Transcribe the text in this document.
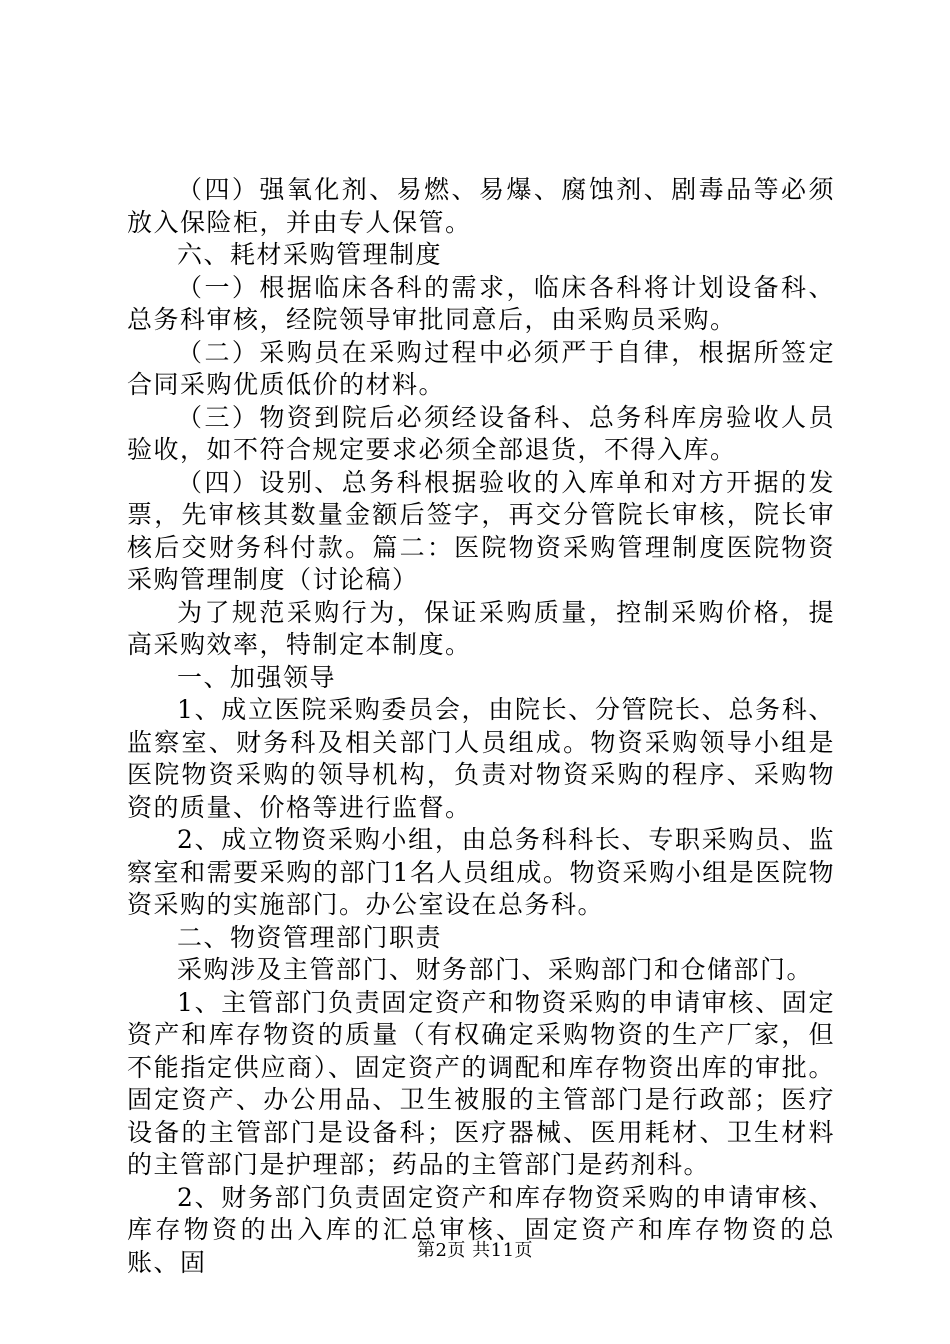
（四）强氧化剂、易燃、易爆、腐蚀剂、剧毒品等必须放入保险柜，并由专人保管。

六、耗材采购管理制度

（一）根据临床各科的需求，临床各科将计划设备科、总务科审核，经院领导审批同意后，由采购员采购。

（二）采购员在采购过程中必须严于自律，根据所签定合同采购优质低价的材料。

（三）物资到院后必须经设备科、总务科库房验收人员验收，如不符合规定要求必须全部退货，不得入库。

（四）设别、总务科根据验收的入库单和对方开据的发票，先审核其数量金额后签字，再交分管院长审核，院长审核后交财务科付款。篇二：医院物资采购管理制度医院物资采购管理制度（讨论稿）

为了规范采购行为，保证采购质量，控制采购价格，提高采购效率，特制定本制度。

一、加强领导

1、成立医院采购委员会，由院长、分管院长、总务科、监察室、财务科及相关部门人员组成。物资采购领导小组是医院物资采购的领导机构，负责对物资采购的程序、采购物资的质量、价格等进行监督。

2、成立物资采购小组，由总务科科长、专职采购员、监察室和需要采购的部门1名人员组成。物资采购小组是医院物资采购的实施部门。办公室设在总务科。

二、物资管理部门职责

采购涉及主管部门、财务部门、采购部门和仓储部门。

1、主管部门负责固定资产和物资采购的申请审核、固定资产和库存物资的质量（有权确定采购物资的生产厂家，但不能指定供应商）、固定资产的调配和库存物资出库的审批。固定资产、办公用品、卫生被服的主管部门是行政部；医疗设备的主管部门是设备科；医疗器械、医用耗材、卫生材料的主管部门是护理部；药品的主管部门是药剂科。

2、财务部门负责固定资产和库存物资采购的申请审核、库存物资的出入库的汇总审核、固定资产和库存物资的总账、固	第2页 共11页
